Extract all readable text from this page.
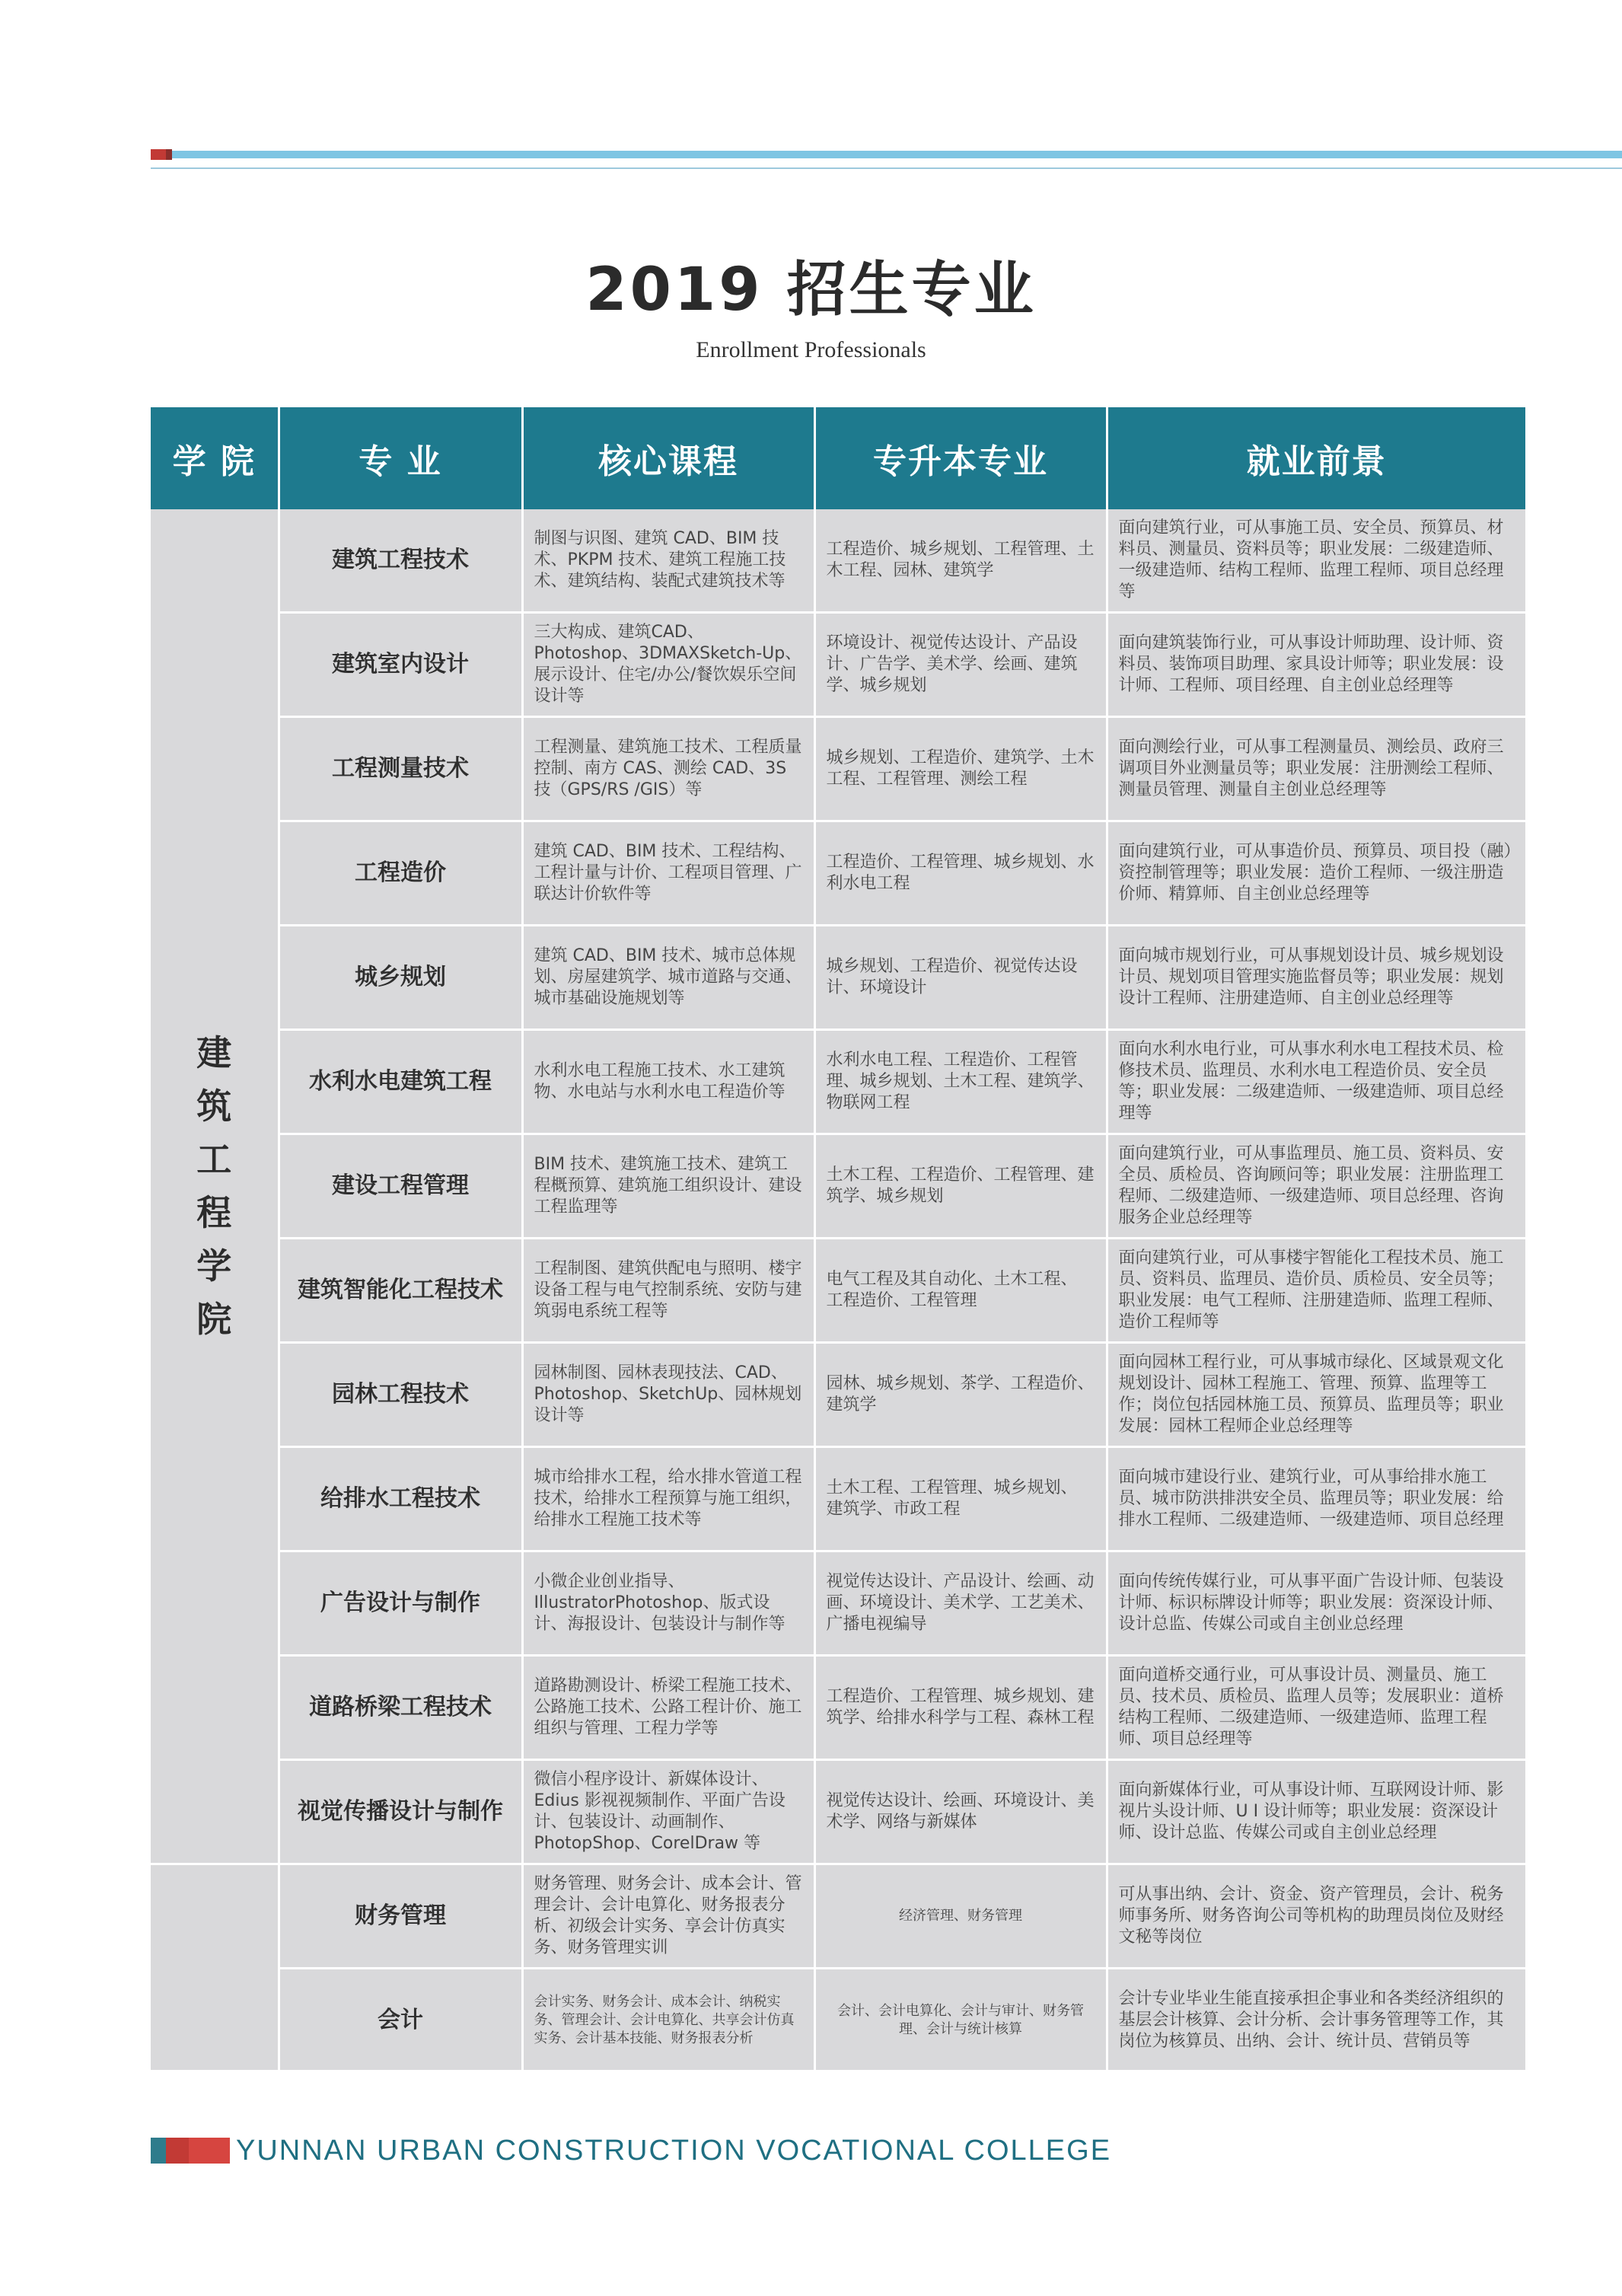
2019 招生专业
Enrollment Professionals
学 院	专 业	核心课程	专升本专业	就业前景
建筑工程学院	建筑工程技术	制图与识图、建筑 CAD、BIM 技术、PKPM 技术、建筑工程施工技术、建筑结构、装配式建筑技术等	工程造价、城乡规划、工程管理、土木工程、园林、建筑学	面向建筑行业，可从事施工员、安全员、预算员、材料员、测量员、资料员等；职业发展：二级建造师、一级建造师、结构工程师、监理工程师、项目总经理等
	建筑室内设计	三大构成、建筑CAD、Photoshop、3DMAXSketch-Up、展示设计、住宅/办公/餐饮娱乐空间设计等	环境设计、视觉传达设计、产品设计、广告学、美术学、绘画、建筑学、城乡规划	面向建筑装饰行业，可从事设计师助理、设计师、资料员、装饰项目助理、家具设计师等；职业发展：设计师、工程师、项目经理、自主创业总经理等
	工程测量技术	工程测量、建筑施工技术、工程质量控制、南方 CAS、测绘 CAD、3S 技（GPS/RS /GIS）等	城乡规划、工程造价、建筑学、土木工程、工程管理、测绘工程	面向测绘行业，可从事工程测量员、测绘员、政府三调项目外业测量员等；职业发展：注册测绘工程师、测量员管理、测量自主创业总经理等
	工程造价	建筑 CAD、BIM 技术、工程结构、工程计量与计价、工程项目管理、广联达计价软件等	工程造价、工程管理、城乡规划、水利水电工程	面向建筑行业，可从事造价员、预算员、项目投（融）资控制管理等；职业发展：造价工程师、一级注册造价师、精算师、自主创业总经理等
	城乡规划	建筑 CAD、BIM 技术、城市总体规划、房屋建筑学、城市道路与交通、城市基础设施规划等	城乡规划、工程造价、视觉传达设计、环境设计	面向城市规划行业，可从事规划设计员、城乡规划设计员、规划项目管理实施监督员等；职业发展：规划设计工程师、注册建造师、自主创业总经理等
	水利水电建筑工程	水利水电工程施工技术、水工建筑物、水电站与水利水电工程造价等	水利水电工程、工程造价、工程管理、城乡规划、土木工程、建筑学、物联网工程	面向水利水电行业，可从事水利水电工程技术员、检修技术员、监理员、水利水电工程造价员、安全员等；职业发展：二级建造师、一级建造师、项目总经理等
	建设工程管理	BIM 技术、建筑施工技术、建筑工程概预算、建筑施工组织设计、建设工程监理等	土木工程、工程造价、工程管理、建筑学、城乡规划	面向建筑行业，可从事监理员、施工员、资料员、安全员、质检员、咨询顾问等；职业发展：注册监理工程师、二级建造师、一级建造师、项目总经理、咨询服务企业总经理等
	建筑智能化工程技术	工程制图、建筑供配电与照明、楼宇设备工程与电气控制系统、安防与建筑弱电系统工程等	电气工程及其自动化、土木工程、 工程造价、工程管理	面向建筑行业，可从事楼宇智能化工程技术员、施工员、资料员、监理员、造价员、质检员、安全员等；职业发展：电气工程师、注册建造师、监理工程师、造价工程师等
	园林工程技术	园林制图、园林表现技法、CAD、Photoshop、SketchUp、园林规划设计等	园林、城乡规划、茶学、工程造价、建筑学	面向园林工程行业，可从事城市绿化、区域景观文化规划设计、园林工程施工、管理、预算、监理等工作；岗位包括园林施工员、预算员、监理员等；职业发展：园林工程师企业总经理等
	给排水工程技术	城市给排水工程，给水排水管道工程技术，给排水工程预算与施工组织，给排水工程施工技术等	土木工程、工程管理、城乡规划、 建筑学、市政工程	面向城市建设行业、建筑行业，可从事给排水施工员、城市防洪排洪安全员、监理员等；职业发展：给排水工程师、二级建造师、一级建造师、项目总经理
	广告设计与制作	小微企业创业指导、IllustratorPhotoshop、版式设计、海报设计、包装设计与制作等	视觉传达设计、产品设计、绘画、动画、环境设计、美术学、工艺美术、广播电视编导	面向传统传媒行业，可从事平面广告设计师、包装设计师、标识标牌设计师等；职业发展：资深设计师、设计总监、传媒公司或自主创业总经理
	道路桥梁工程技术	道路勘测设计、桥梁工程施工技术、公路施工技术、公路工程计价、施工组织与管理、工程力学等	工程造价、工程管理、城乡规划、建筑学、给排水科学与工程、森林工程	面向道桥交通行业，可从事设计员、测量员、施工员、技术员、质检员、监理人员等；发展职业：道桥结构工程师、二级建造师、一级建造师、监理工程师、项目总经理等
	视觉传播设计与制作	微信小程序设计、新媒体设计、Edius 影视视频制作、平面广告设计、包装设计、动画制作、PhotopShop、CorelDraw 等	视觉传达设计、绘画、环境设计、美术学、网络与新媒体	面向新媒体行业，可从事设计师、互联网设计师、影视片头设计师、U I 设计师等；职业发展：资深设计师、设计总监、传媒公司或自主创业总经理
	财务管理	财务管理、财务会计、成本会计、管理会计、会计电算化、财务报表分析、初级会计实务、享会计仿真实务、财务管理实训	经济管理、财务管理	可从事出纳、会计、资金、资产管理员，会计、税务师事务所、财务咨询公司等机构的助理员岗位及财经文秘等岗位
	会计	会计实务、财务会计、成本会计、纳税实务、管理会计、会计电算化、共享会计仿真实务、会计基本技能、财务报表分析	会计、会计电算化、会计与审计、财务管理、会计与统计核算	会计专业毕业生能直接承担企事业和各类经济组织的基层会计核算、会计分析、会计事务管理等工作，其岗位为核算员、出纳、会计、统计员、营销员等
YUNNAN URBAN CONSTRUCTION VOCATIONAL COLLEGE
